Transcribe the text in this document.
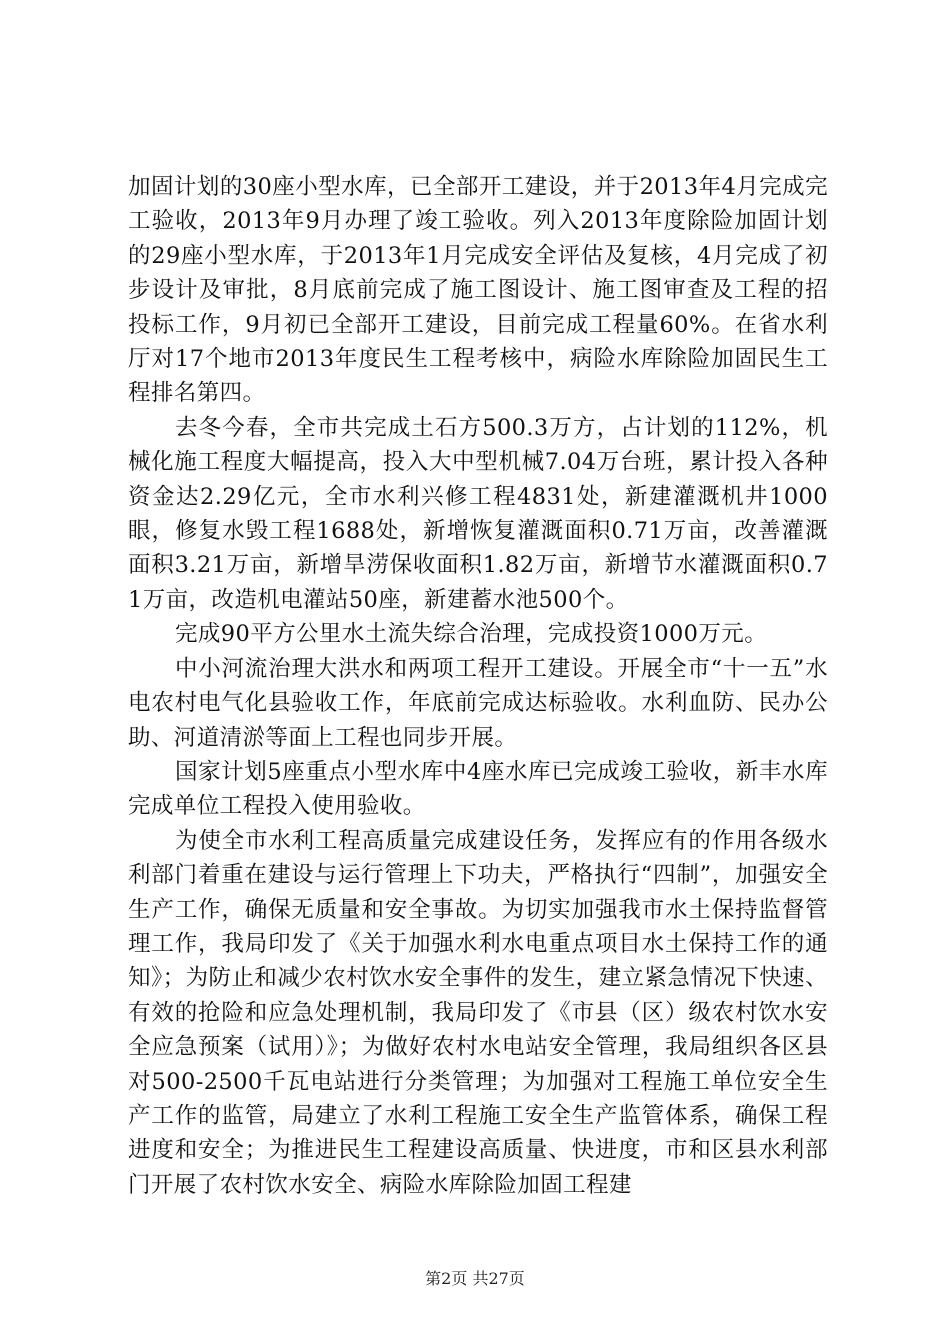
加固计划的30座小型水库，已全部开工建设，并于2013年4月完成完工验收，2013年9月办理了竣工验收。列入2013年度除险加固计划的29座小型水库，于2013年1月完成安全评估及复核，4月完成了初步设计及审批，8月底前完成了施工图设计、施工图审查及工程的招投标工作，9月初已全部开工建设，目前完成工程量60%。在省水利厅对17个地市2013年度民生工程考核中，病险水库除险加固民生工程排名第四。

去冬今春，全市共完成土石方500.3万方，占计划的112%，机械化施工程度大幅提高，投入大中型机械7.04万台班，累计投入各种资金达2.29亿元，全市水利兴修工程4831处，新建灌溉机井1000眼，修复水毁工程1688处，新增恢复灌溉面积0.71万亩，改善灌溉面积3.21万亩，新增旱涝保收面积1.82万亩，新增节水灌溉面积0.71万亩，改造机电灌站50座，新建蓄水池500个。

完成90平方公里水土流失综合治理，完成投资1000万元。

中小河流治理大洪水和两项工程开工建设。开展全市“十一五”水电农村电气化县验收工作，年底前完成达标验收。水利血防、民办公助、河道清淤等面上工程也同步开展。

国家计划5座重点小型水库中4座水库已完成竣工验收，新丰水库完成单位工程投入使用验收。

为使全市水利工程高质量完成建设任务，发挥应有的作用各级水利部门着重在建设与运行管理上下功夫，严格执行“四制”，加强安全生产工作，确保无质量和安全事故。为切实加强我市水土保持监督管理工作，我局印发了《关于加强水利水电重点项目水土保持工作的通知》；为防止和减少农村饮水安全事件的发生，建立紧急情况下快速、有效的抢险和应急处理机制，我局印发了《市县（区）级农村饮水安全应急预案（试用）》；为做好农村水电站安全管理，我局组织各区县对500-2500千瓦电站进行分类管理；为加强对工程施工单位安全生产工作的监管，局建立了水利工程施工安全生产监管体系，确保工程进度和安全；为推进民生工程建设高质量、快进度，市和区县水利部门开展了农村饮水安全、病险水库除险加固工程建

第2页 共27页
